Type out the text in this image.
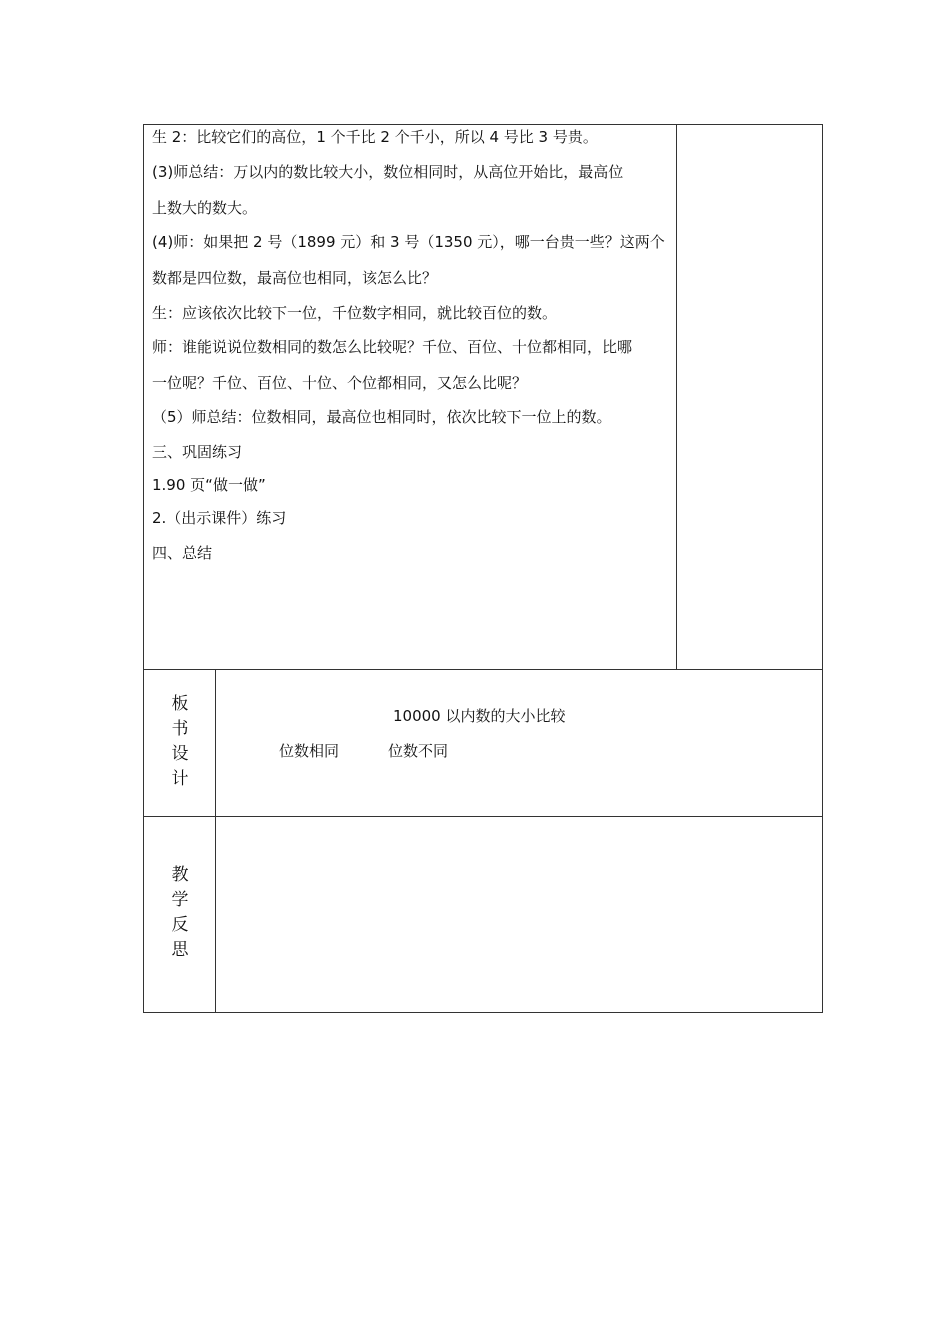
生 2：比较它们的高位，1 个千比 2 个千小，所以 4 号比 3 号贵。
(3)师总结：万以内的数比较大小，数位相同时，从高位开始比，最高位
上数大的数大。
(4)师：如果把 2 号（1899 元）和 3 号（1350 元），哪一台贵一些？这两个
数都是四位数，最高位也相同，该怎么比？
生：应该依次比较下一位，千位数字相同，就比较百位的数。
师：谁能说说位数相同的数怎么比较呢？千位、百位、十位都相同，比哪
一位呢？千位、百位、十位、个位都相同，又怎么比呢？
（5）师总结：位数相同，最高位也相同时，依次比较下一位上的数。
三、巩固练习
1.90 页“做一做”
2.（出示课件）练习
四、总结
板
书
设
计
10000 以内数的大小比较
位数相同	位数不同
教
学
反
思
